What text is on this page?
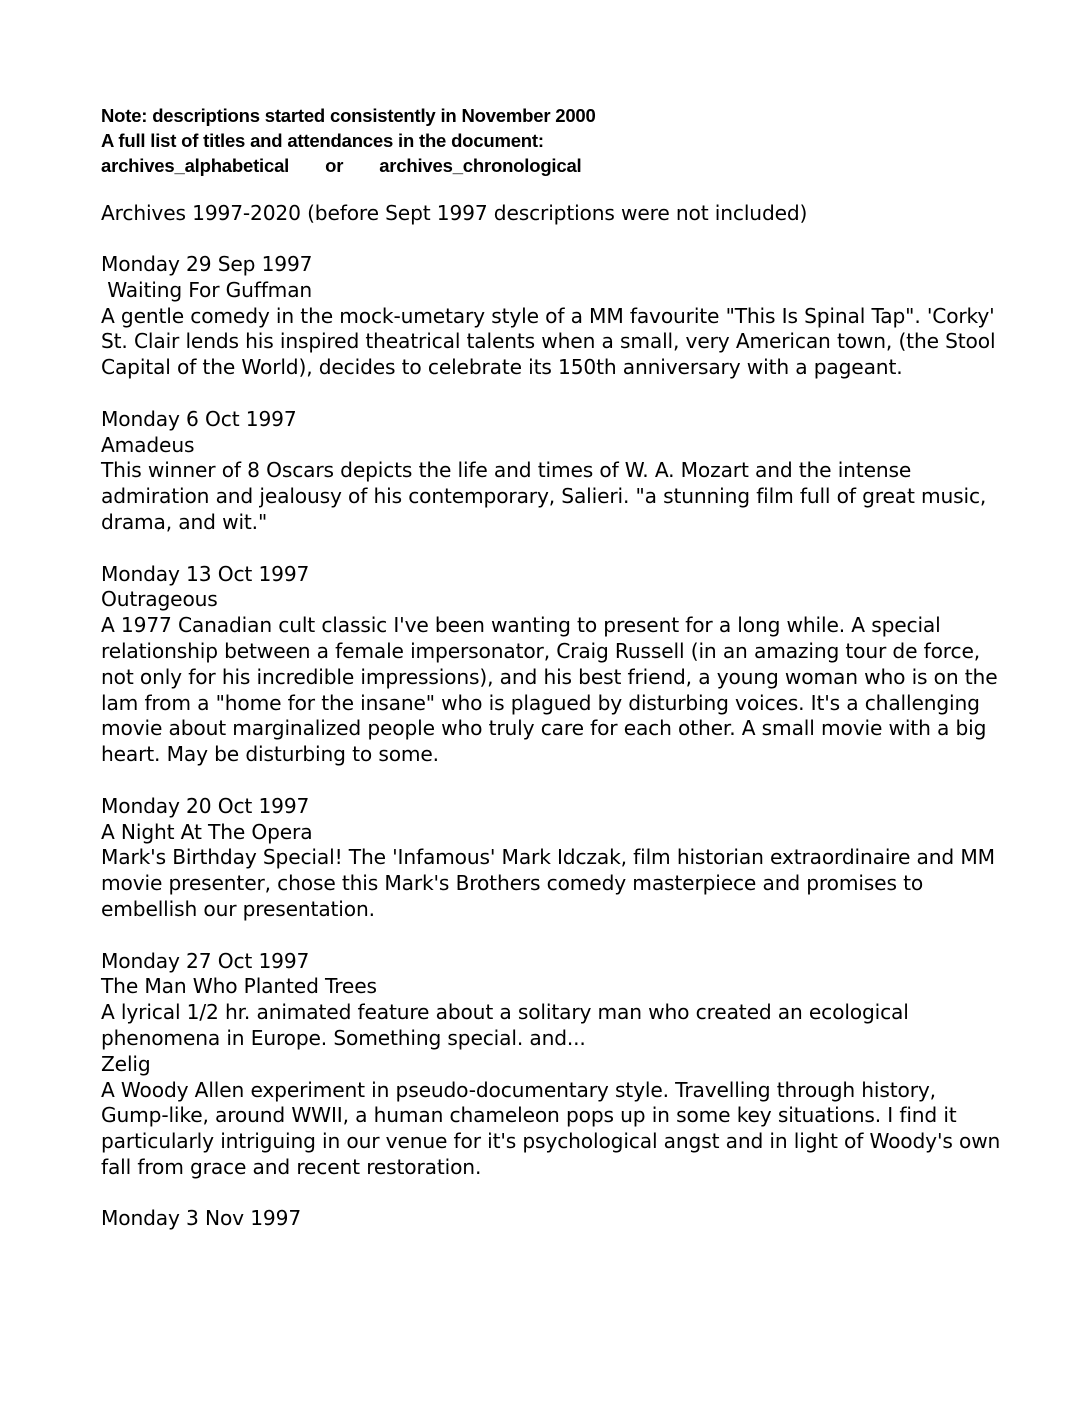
Note: descriptions started consistently in November 2000
A full list of titles and attendances in the document:
archives_alphabetical or archives_chronological
Archives 1997-2020 (before Sept 1997 descriptions were not included)
Monday 29 Sep 1997
Waiting For Guffman
A gentle comedy in the mock-umetary style of a MM favourite "This Is Spinal Tap". 'Corky' St. Clair lends his inspired theatrical talents when a small, very American town, (the Stool Capital of the World), decides to celebrate its 150th anniversary with a pageant.
Monday 6 Oct 1997
Amadeus
This winner of 8 Oscars depicts the life and times of W. A. Mozart and the intense admiration and jealousy of his contemporary, Salieri. "a stunning film full of great music, drama, and wit."
Monday 13 Oct 1997
Outrageous
A 1977 Canadian cult classic I've been wanting to present for a long while. A special relationship between a female impersonator, Craig Russell (in an amazing tour de force, not only for his incredible impressions), and his best friend, a young woman who is on the lam from a "home for the insane" who is plagued by disturbing voices. It's a challenging movie about marginalized people who truly care for each other. A small movie with a big heart. May be disturbing to some.
Monday 20 Oct 1997
A Night At The Opera
Mark's Birthday Special! The 'Infamous' Mark Idczak, film historian extraordinaire and MM movie presenter, chose this Mark's Brothers comedy masterpiece and promises to embellish our presentation.
Monday 27 Oct 1997
The Man Who Planted Trees
A lyrical 1/2 hr. animated feature about a solitary man who created an ecological phenomena in Europe. Something special. and...
Zelig
A Woody Allen experiment in pseudo-documentary style. Travelling through history, Gump-like, around WWII, a human chameleon pops up in some key situations. I find it particularly intriguing in our venue for it's psychological angst and in light of Woody's own fall from grace and recent restoration.
Monday 3 Nov 1997
